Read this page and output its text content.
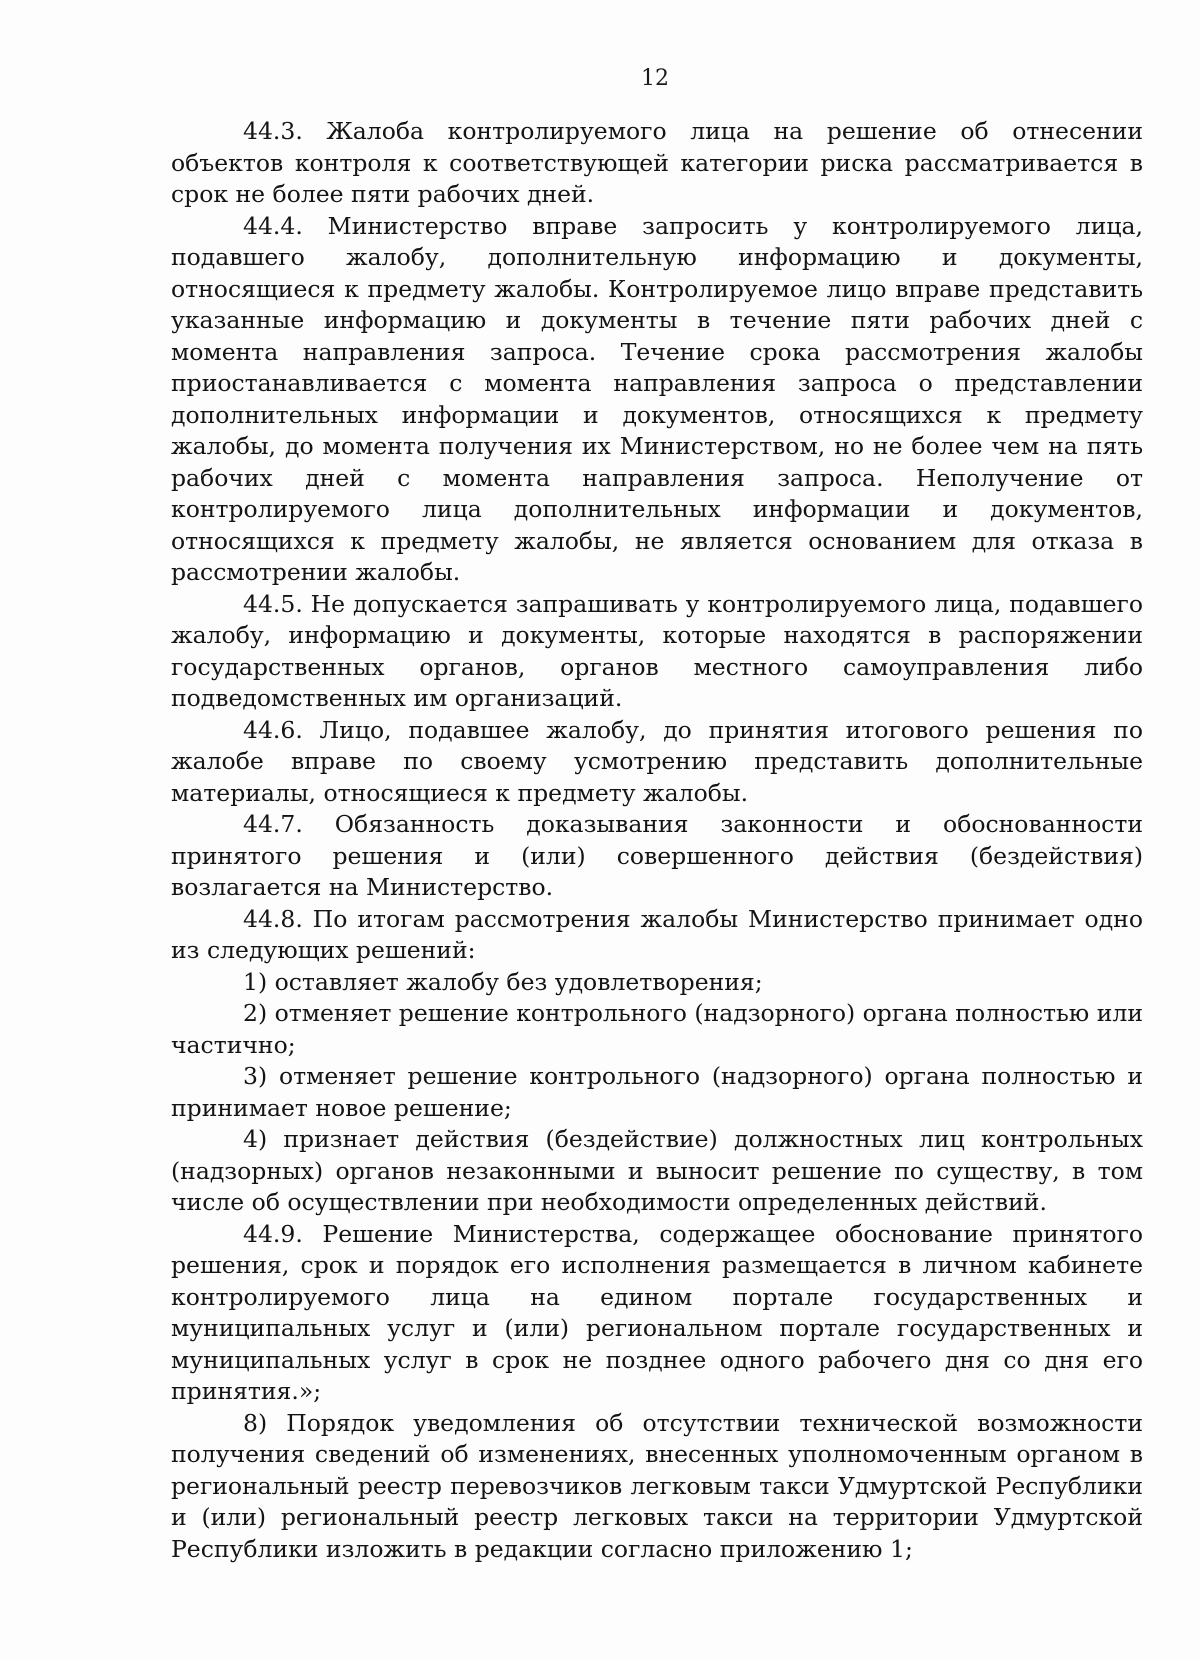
12

44.3. Жалоба контролируемого лица на решение об отнесении объектов контроля к соответствующей категории риска рассматривается в срок не более пяти рабочих дней.

44.4. Министерство вправе запросить у контролируемого лица, подавшего жалобу, дополнительную информацию и документы, относящиеся к предмету жалобы. Контролируемое лицо вправе представить указанные информацию и документы в течение пяти рабочих дней с момента направления запроса. Течение срока рассмотрения жалобы приостанавливается с момента направления запроса о представлении дополнительных информации и документов, относящихся к предмету жалобы, до момента получения их Министерством, но не более чем на пять рабочих дней с момента направления запроса. Неполучение от контролируемого лица дополнительных информации и документов, относящихся к предмету жалобы, не является основанием для отказа в рассмотрении жалобы.

44.5. Не допускается запрашивать у контролируемого лица, подавшего жалобу, информацию и документы, которые находятся в распоряжении государственных органов, органов местного самоуправления либо подведомственных им организаций.

44.6. Лицо, подавшее жалобу, до принятия итогового решения по жалобе вправе по своему усмотрению представить дополнительные материалы, относящиеся к предмету жалобы.

44.7. Обязанность доказывания законности и обоснованности принятого решения и (или) совершенного действия (бездействия) возлагается на Министерство.

44.8. По итогам рассмотрения жалобы Министерство принимает одно из следующих решений:

1) оставляет жалобу без удовлетворения;

2) отменяет решение контрольного (надзорного) органа полностью или частично;

3) отменяет решение контрольного (надзорного) органа полностью и принимает новое решение;

4) признает действия (бездействие) должностных лиц контрольных (надзорных) органов незаконными и выносит решение по существу, в том числе об осуществлении при необходимости определенных действий.

44.9. Решение Министерства, содержащее обоснование принятого решения, срок и порядок его исполнения размещается в личном кабинете контролируемого лица на едином портале государственных и муниципальных услуг и (или) региональном портале государственных и муниципальных услуг в срок не позднее одного рабочего дня со дня его принятия.»;

8) Порядок уведомления об отсутствии технической возможности получения сведений об изменениях, внесенных уполномоченным органом в региональный реестр перевозчиков легковым такси Удмуртской Республики и (или) региональный реестр легковых такси на территории Удмуртской Республики изложить в редакции согласно приложению 1;
